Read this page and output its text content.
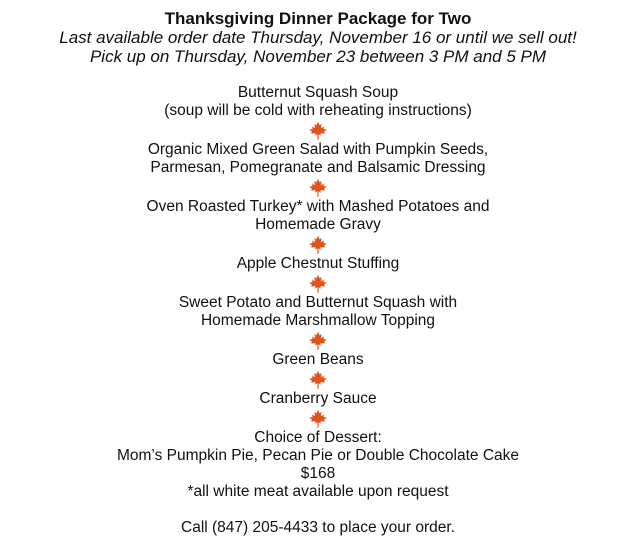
Thanksgiving Dinner Package for Two

Last available order date Thursday, November 16 or until we sell out!

Pick up on Thursday, November 23 between 3 PM and 5 PM

Butternut Squash Soup
(soup will be cold with reheating instructions)

Organic Mixed Green Salad with Pumpkin Seeds,
Parmesan, Pomegranate and Balsamic Dressing

Oven Roasted Turkey* with Mashed Potatoes and
Homemade Gravy

Apple Chestnut Stuffing

Sweet Potato and Butternut Squash with
Homemade Marshmallow Topping

Green Beans

Cranberry Sauce

Choice of Dessert:
Mom’s Pumpkin Pie, Pecan Pie or Double Chocolate Cake

$168

*all white meat available upon request

Call (847) 205-4433 to place your order.
